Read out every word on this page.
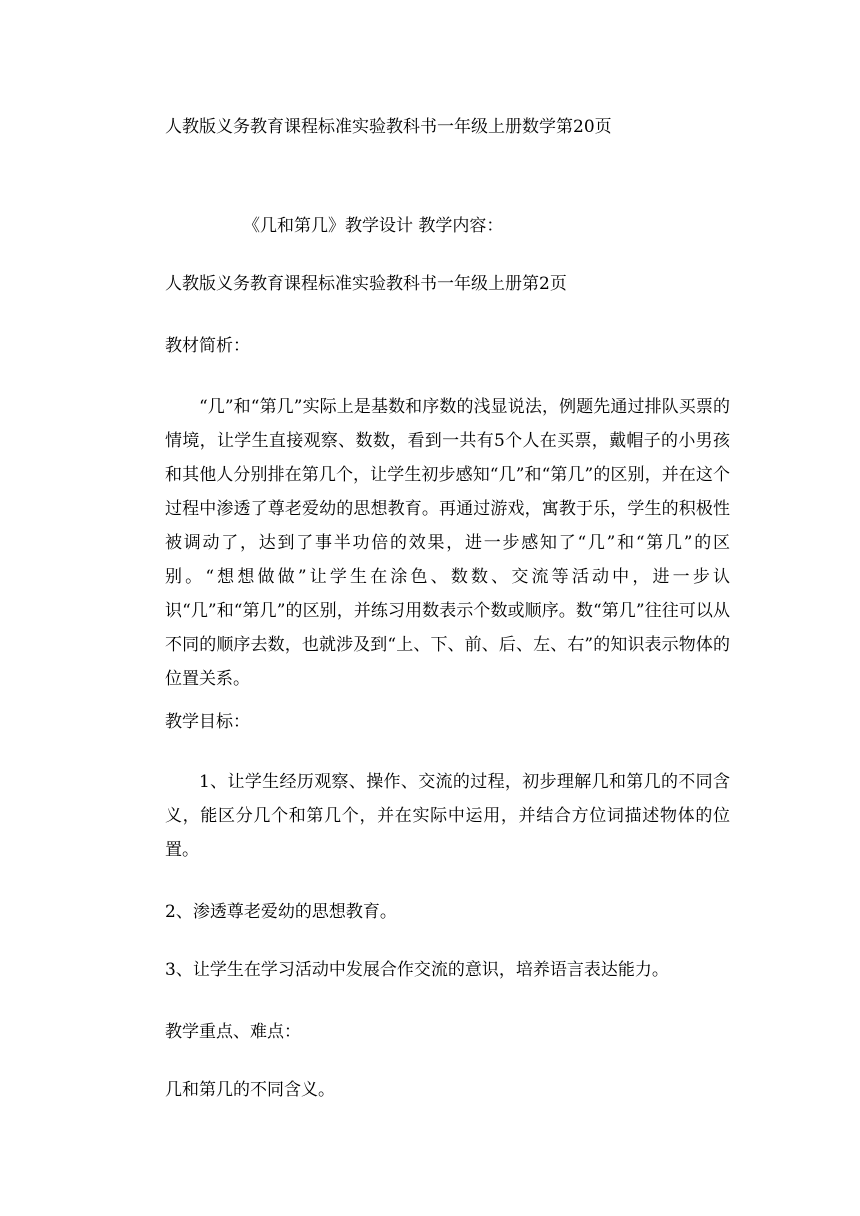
人教版义务教育课程标准实验教科书一年级上册数学第20页
《几和第几》教学设计 教学内容：
人教版义务教育课程标准实验教科书一年级上册第2页
教材简析：
“几”和“第几”实际上是基数和序数的浅显说法，例题先通过排队买票的情境，让学生直接观察、数数，看到一共有5个人在买票，戴帽子的小男孩和其他人分别排在第几个，让学生初步感知“几”和“第几”的区别，并在这个过程中渗透了尊老爱幼的思想教育。再通过游戏，寓教于乐，学生的积极性被调动了，达到了事半功倍的效果，进一步感知了“几”和“第几”的区别。“想想做做”让学生在涂色、数数、交流等活动中，进一步认识“几”和“第几”的区别，并练习用数表示个数或顺序。数“第几”往往可以从不同的顺序去数，也就涉及到“上、下、前、后、左、右”的知识表示物体的位置关系。
教学目标：
1、让学生经历观察、操作、交流的过程，初步理解几和第几的不同含义，能区分几个和第几个，并在实际中运用，并结合方位词描述物体的位置。
2、渗透尊老爱幼的思想教育。
3、让学生在学习活动中发展合作交流的意识，培养语言表达能力。
教学重点、难点：
几和第几的不同含义。
